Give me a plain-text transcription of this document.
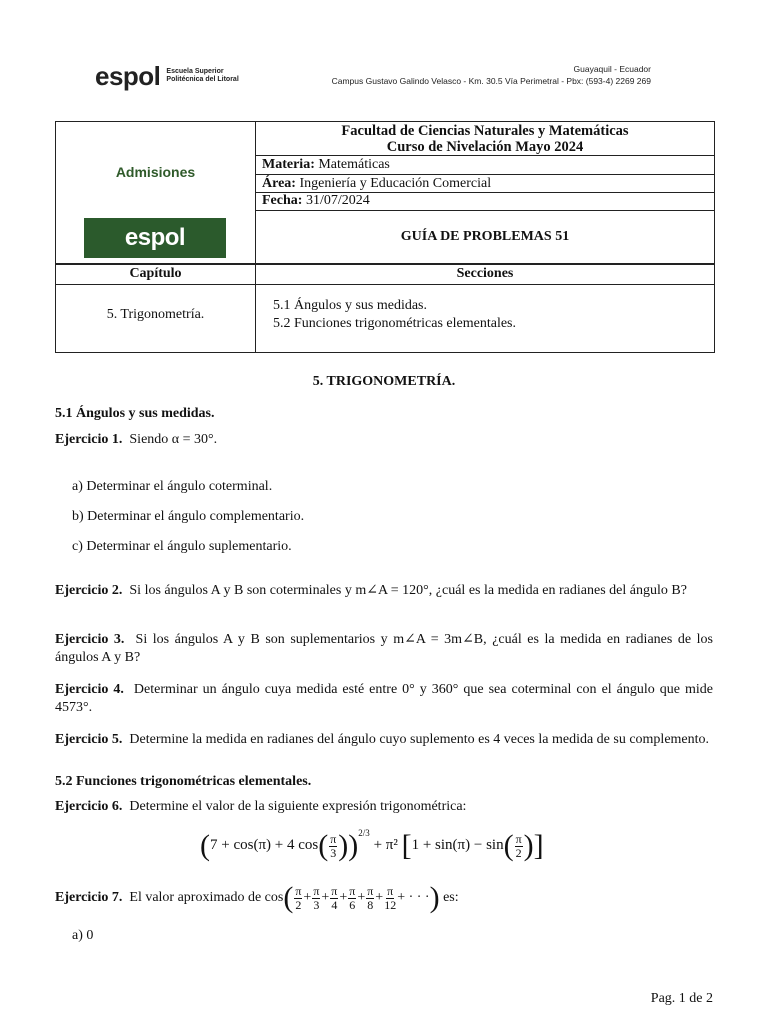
espol Escuela Superior
Politécnica del Litoral
Guayaquil - Ecuador
Campus Gustavo Galindo Velasco - Km. 30.5 Vía Perimetral - Pbx: (593-4) 2269 269
Admisiones
espol
Facultad de Ciencias Naturales y Matemáticas
Curso de Nivelación Mayo 2024
Materia: Matemáticas
Área: Ingeniería y Educación Comercial
Fecha: 31/07/2024
GUÍA DE PROBLEMAS 51
Capítulo	Secciones
5. Trigonometría.
5.1 Ángulos y sus medidas.
5.2 Funciones trigonométricas elementales.
5. TRIGONOMETRÍA.
5.1 Ángulos y sus medidas.
Ejercicio 1. Siendo α = 30°.
a) Determinar el ángulo coterminal.
b) Determinar el ángulo complementario.
c) Determinar el ángulo suplementario.
Ejercicio 2. Si los ángulos A y B son coterminales y m∠A = 120°, ¿cuál es la medida en radianes del ángulo B?
Ejercicio 3. Si los ángulos A y B son suplementarios y m∠A = 3m∠B, ¿cuál es la medida en radianes de los ángulos A y B?
Ejercicio 4. Determinar un ángulo cuya medida esté entre 0° y 360° que sea coterminal con el ángulo que mide 4573°.
Ejercicio 5. Determine la medida en radianes del ángulo cuyo suplemento es 4 veces la medida de su complemento.
5.2 Funciones trigonométricas elementales.
Ejercicio 6. Determine el valor de la siguiente expresión trigonométrica:
( 7 + cos(π) + 4 cos ( $\frac{\pi}{3}$ ) ) 2/3
+ π² [ 1 + sin(π) − sin ( $\frac{\pi}{2}$ ) ]
Ejercicio 7.
El valor aproximado de cos ( $\frac{\pi}{2} + \frac{\pi}{3} + \frac{\pi}{4} + \frac{\pi}{6} + \frac{\pi}{8} + \frac{\pi}{12}$ + · · · )
es:
a) 0
Pag. 1 de 2
